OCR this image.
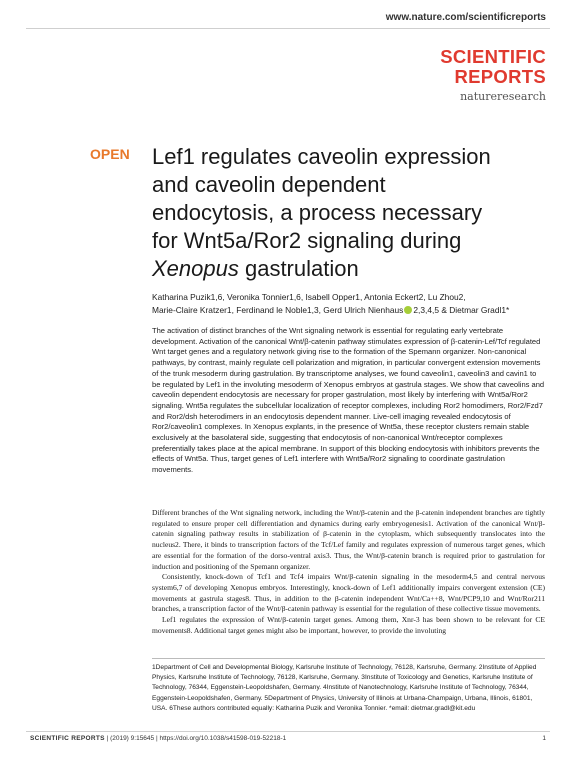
www.nature.com/scientificreports
SCIENTIFIC
REPORTS
natureresearch
OPEN Lef1 regulates caveolin expression
and caveolin dependent
endocytosis, a process necessary
for Wnt5a/Ror2 signaling during
Xenopus gastrulation

Katharina Puzik1,6, Veronika Tonnier1,6, Isabell Opper1, Antonia Eckert2, Lu Zhou2,
Marie-Claire Kratzer1, Ferdinand le Noble1,3, Gerd Ulrich Nienhaus 2,3,4,5 & Dietmar Gradl1*

The activation of distinct branches of the Wnt signaling network is essential for regulating early vertebrate development. Activation of the canonical Wnt/β-catenin pathway stimulates expression of β-catenin-Lef/Tcf regulated Wnt target genes and a regulatory network giving rise to the formation of the Spemann organizer. Non-canonical pathways, by contrast, mainly regulate cell polarization and migration, in particular convergent extension movements of the trunk mesoderm during gastrulation. By transcriptome analyses, we found caveolin1, caveolin3 and cavin1 to be regulated by Lef1 in the involuting mesoderm of Xenopus embryos at gastrula stages. We show that caveolins and caveolin dependent endocytosis are necessary for proper gastrulation, most likely by interfering with Wnt5a/Ror2 signaling. Wnt5a regulates the subcellular localization of receptor complexes, including Ror2 homodimers, Ror2/Fzd7 and Ror2/dsh heterodimers in an endocytosis dependent manner. Live-cell imaging revealed endocytosis of Ror2/caveolin1 complexes. In Xenopus explants, in the presence of Wnt5a, these receptor clusters remain stable exclusively at the basolateral side, suggesting that endocytosis of non-canonical Wnt/receptor complexes preferentially takes place at the apical membrane. In support of this blocking endocytosis with inhibitors prevents the effects of Wnt5a. Thus, target genes of Lef1 interfere with Wnt5a/Ror2 signaling to coordinate gastrulation movements.

Different branches of the Wnt signaling network, including the Wnt/β-catenin and the β-catenin independent branches are tightly regulated to ensure proper cell differentiation and dynamics during early embryogenesis1. Activation of the canonical Wnt/β-catenin signaling pathway results in stabilization of β-catenin in the cytoplasm, which subsequently translocates into the nucleus2. There, it binds to transcription factors of the Tcf/Lef family and regulates expression of numerous target genes, which are essential for the formation of the dorso-ventral axis3. Thus, the Wnt/β-catenin branch is required prior to gastrulation for induction and positioning of the Spemann organizer.

Consistently, knock-down of Tcf1 and Tcf4 impairs Wnt/β-catenin signaling in the mesoderm4,5 and central nervous system6,7 of developing Xenopus embryos. Interestingly, knock-down of Lef1 additionally impairs convergent extension (CE) movements at gastrula stages8. Thus, in addition to the β-catenin independent Wnt/Ca++8, Wnt/PCP9,10 and Wnt/Ror211 branches, a transcription factor of the Wnt/β-catenin pathway is essential for the regulation of these collective tissue movements.

Lef1 regulates the expression of Wnt/β-catenin target genes. Among them, Xnr-3 has been shown to be relevant for CE movements8. Additional target genes might also be important, however, to provide the involuting

1Department of Cell and Developmental Biology, Karlsruhe Institute of Technology, 76128, Karlsruhe, Germany. 2Institute of Applied Physics, Karlsruhe Institute of Technology, 76128, Karlsruhe, Germany. 3Institute of Toxicology and Genetics, Karlsruhe Institute of Technology, 76344, Eggenstein-Leopoldshafen, Germany. 4Institute of Nanotechnology, Karlsruhe Institute of Technology, 76344, Eggenstein-Leopoldshafen, Germany. 5Department of Physics, University of Illinois at Urbana-Champaign, Urbana, Illinois, 61801, USA. 6These authors contributed equally: Katharina Puzik and Veronika Tonnier. *email: dietmar.gradl@kit.edu

SCIENTIFIC REPORTS | (2019) 9:15645 | https://doi.org/10.1038/s41598-019-52218-1	1
